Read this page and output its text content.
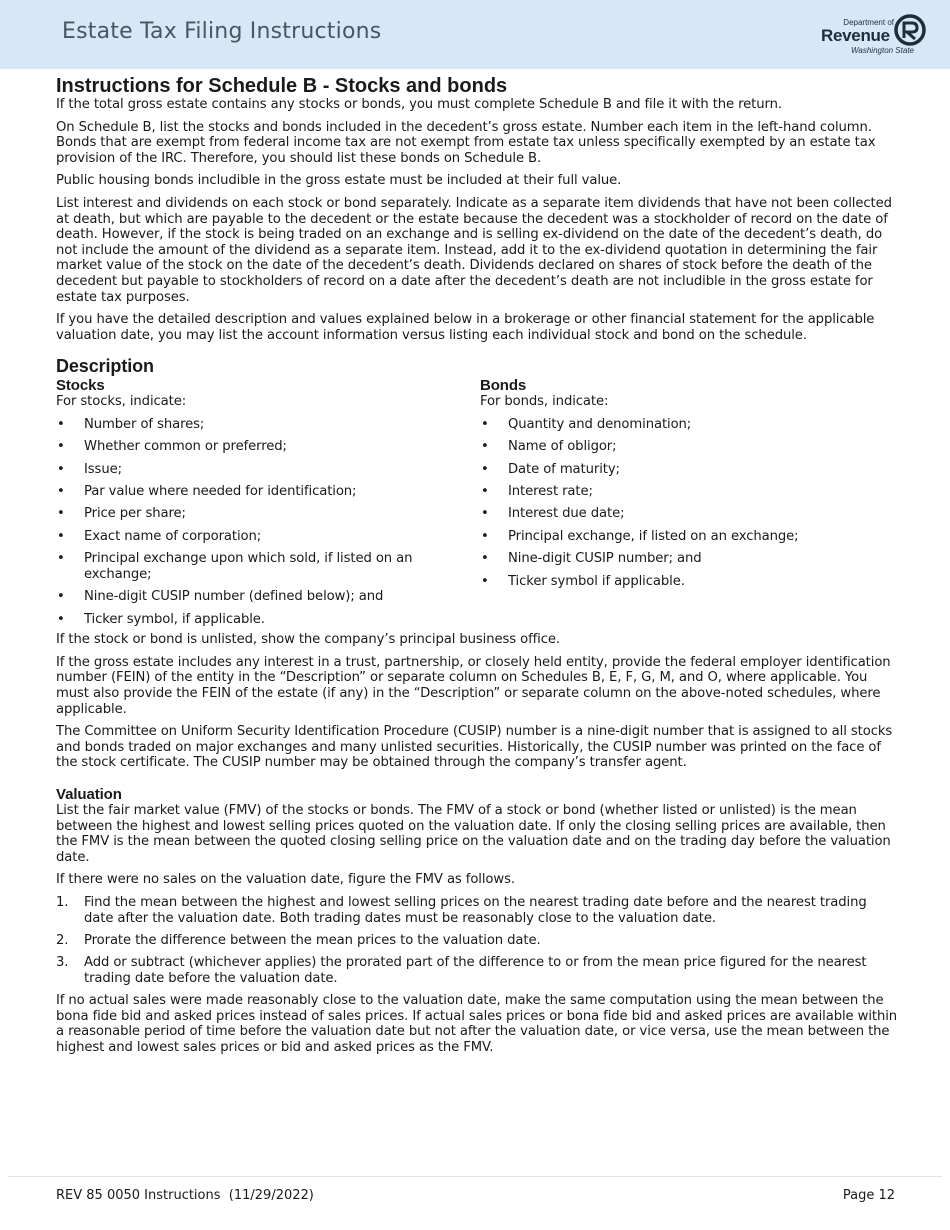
Estate Tax Filing Instructions	Department of
Revenue
Washington State
Instructions for Schedule B - Stocks and bonds

If the total gross estate contains any stocks or bonds, you must complete Schedule B and file it with the return.

On Schedule B, list the stocks and bonds included in the decedent’s gross estate. Number each item in the left-hand column. Bonds that are exempt from federal income tax are not exempt from estate tax unless specifically exempted by an estate tax provision of the IRC. Therefore, you should list these bonds on Schedule B.

Public housing bonds includible in the gross estate must be included at their full value.

List interest and dividends on each stock or bond separately. Indicate as a separate item dividends that have not been collected at death, but which are payable to the decedent or the estate because the decedent was a stockholder of record on the date of death. However, if the stock is being traded on an exchange and is selling ex-dividend on the date of the decedent’s death, do not include the amount of the dividend as a separate item. Instead, add it to the ex-dividend quotation in determining the fair market value of the stock on the date of the decedent’s death. Dividends declared on shares of stock before the death of the decedent but payable to stockholders of record on a date after the decedent’s death are not includible in the gross estate for estate tax purposes.

If you have the detailed description and values explained below in a brokerage or other financial statement for the applicable valuation date, you may list the account information versus listing each individual stock and bond on the schedule.

Description
Stocks
For stocks, indicate:
• Number of shares;
• Whether common or preferred;
• Issue;
• Par value where needed for identification;
• Price per share;
• Exact name of corporation;
• Principal exchange upon which sold, if listed on an exchange;
• Nine-digit CUSIP number (defined below); and
• Ticker symbol, if applicable.
Bonds
For bonds, indicate:
• Quantity and denomination;
• Name of obligor;
• Date of maturity;
• Interest rate;
• Interest due date;
• Principal exchange, if listed on an exchange;
• Nine-digit CUSIP number; and
• Ticker symbol if applicable.

If the stock or bond is unlisted, show the company’s principal business office.

If the gross estate includes any interest in a trust, partnership, or closely held entity, provide the federal employer identification number (FEIN) of the entity in the “Description” or separate column on Schedules B, E, F, G, M, and O, where applicable. You must also provide the FEIN of the estate (if any) in the “Description” or separate column on the above-noted schedules, where applicable.

The Committee on Uniform Security Identification Procedure (CUSIP) number is a nine-digit number that is assigned to all stocks and bonds traded on major exchanges and many unlisted securities. Historically, the CUSIP number was printed on the face of the stock certificate. The CUSIP number may be obtained through the company’s transfer agent.

Valuation

List the fair market value (FMV) of the stocks or bonds. The FMV of a stock or bond (whether listed or unlisted) is the mean between the highest and lowest selling prices quoted on the valuation date. If only the closing selling prices are available, then the FMV is the mean between the quoted closing selling price on the valuation date and on the trading day before the valuation date.

If there were no sales on the valuation date, figure the FMV as follows.

1. Find the mean between the highest and lowest selling prices on the nearest trading date before and the nearest trading date after the valuation date. Both trading dates must be reasonably close to the valuation date.
2. Prorate the difference between the mean prices to the valuation date.
3. Add or subtract (whichever applies) the prorated part of the difference to or from the mean price figured for the nearest trading date before the valuation date.

If no actual sales were made reasonably close to the valuation date, make the same computation using the mean between the bona fide bid and asked prices instead of sales prices. If actual sales prices or bona fide bid and asked prices are available within a reasonable period of time before the valuation date but not after the valuation date, or vice versa, use the mean between the highest and lowest sales prices or bid and asked prices as the FMV.

REV 85 0050 Instructions  (11/29/2022)	Page 12
